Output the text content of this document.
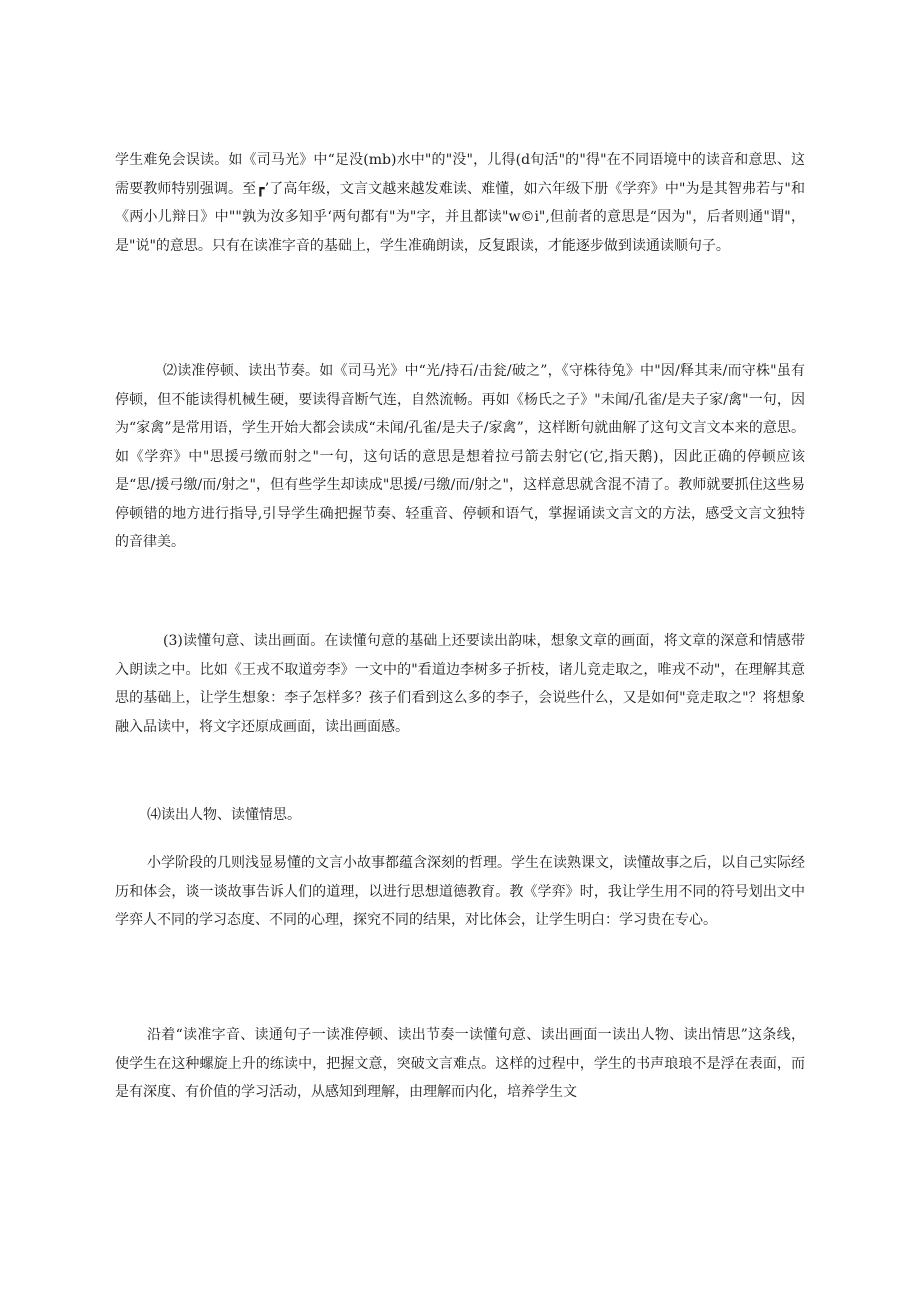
学生难免会误读。如《司马光》中“足没(mb)水中"的"没"，儿得(d旬活"的"得"在不同语境中的读音和意思、这需要教师特别强调。至┏’了高年级，文言文越来越发难读、难懂，如六年级下册《学弈》中"为是其智弗若与"和《两小儿辩日》中""孰为汝多知乎‘两句都有"为"字，并且都读"w©i",但前者的意思是“因为"，后者则通"谓"，是"说"的意思。只有在读准字音的基础上，学生准确朗读，反复跟读，才能逐步做到读通读顺句子。

⑵读准停顿、读出节奏。如《司马光》中“光/持石/击瓮/破之”，《守株待兔》中"因/释其耒/而守株"虽有停顿，但不能读得机械生硬，要读得音断气连，自然流畅。再如《杨氏之子》"未闻/孔雀/是夫子家/禽"一句，因为“家禽”是常用语，学生开始大都会读成“未闻/孔雀/是夫子/家禽”，这样断句就曲解了这句文言文本来的意思。如《学弈》中"思援弓缴而射之"一句，这句话的意思是想着拉弓箭去射它(它,指天鹅)，因此正确的停顿应该是“思/援弓缴/而/射之"，但有些学生却读成"思援/弓缴/而/射之"，这样意思就含混不清了。教师就要抓住这些易停顿错的地方进行指导,引导学生确把握节奏、轻重音、停顿和语气，掌握诵读文言文的方法，感受文言文独特的音律美。

(3)读懂句意、读出画面。在读懂句意的基础上还要读出韵味，想象文章的画面，将文章的深意和情感带入朗读之中。比如《王戎不取道旁李》一文中的"看道边李树多子折枝，诸儿竞走取之，唯戎不动"，在理解其意思的基础上，让学生想象：李子怎样多？孩子们看到这么多的李子，会说些什么，又是如何"竞走取之"？将想象融入品读中，将文字还原成画面，读出画面感。

⑷读出人物、读懂情思。

小学阶段的几则浅显易懂的文言小故事都蕴含深刻的哲理。学生在读熟课文，读懂故事之后，以自己实际经历和体会，谈一谈故事告诉人们的道理，以进行思想道德教育。教《学弈》时，我让学生用不同的符号划出文中学弈人不同的学习态度、不同的心理，探究不同的结果，对比体会，让学生明白：学习贵在专心。

沿着“读准字音、读通句子一读准停顿、读出节奏一读懂句意、读出画面一读出人物、读出情思”这条线，使学生在这种螺旋上升的练读中，把握文意，突破文言难点。这样的过程中，学生的书声琅琅不是浮在表面，而是有深度、有价值的学习活动，从感知到理解，由理解而内化，培养学生文
